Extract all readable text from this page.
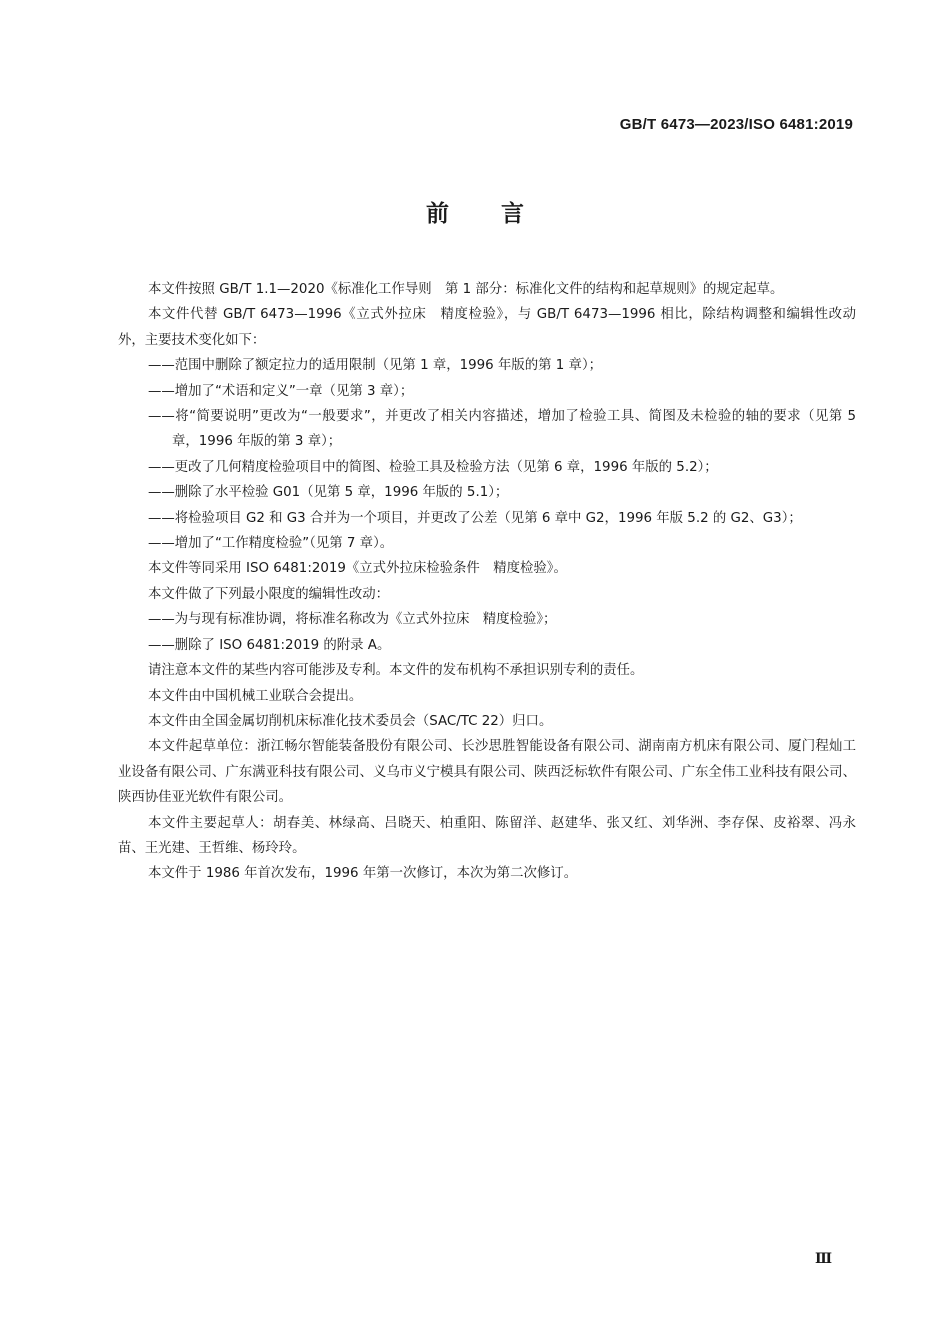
GB/T 6473—2023/ISO 6481:2019
前言

本文件按照 GB/T 1.1—2020《标准化工作导则　第 1 部分：标准化文件的结构和起草规则》的规定起草。

本文件代替 GB/T 6473—1996《立式外拉床　精度检验》，与 GB/T 6473—1996 相比，除结构调整和编辑性改动外，主要技术变化如下：

——范围中删除了额定拉力的适用限制（见第 1 章，1996 年版的第 1 章）；

——增加了“术语和定义”一章（见第 3 章）；

——将“简要说明”更改为“一般要求”，并更改了相关内容描述，增加了检验工具、简图及未检验的轴的要求（见第 5 章，1996 年版的第 3 章）；

——更改了几何精度检验项目中的简图、检验工具及检验方法（见第 6 章，1996 年版的 5.2）；

——删除了水平检验 G01（见第 5 章，1996 年版的 5.1）；

——将检验项目 G2 和 G3 合并为一个项目，并更改了公差（见第 6 章中 G2，1996 年版 5.2 的 G2、G3）；

——增加了“工作精度检验”（见第 7 章）。

本文件等同采用 ISO 6481:2019《立式外拉床检验条件　精度检验》。

本文件做了下列最小限度的编辑性改动：

——为与现有标准协调，将标准名称改为《立式外拉床　精度检验》；

——删除了 ISO 6481:2019 的附录 A。

请注意本文件的某些内容可能涉及专利。本文件的发布机构不承担识别专利的责任。

本文件由中国机械工业联合会提出。

本文件由全国金属切削机床标准化技术委员会（SAC/TC 22）归口。

本文件起草单位：浙江畅尔智能装备股份有限公司、长沙思胜智能设备有限公司、湖南南方机床有限公司、厦门程灿工业设备有限公司、广东满亚科技有限公司、义乌市义宁模具有限公司、陕西泛标软件有限公司、广东全伟工业科技有限公司、陕西协佳亚光软件有限公司。

本文件主要起草人：胡春美、林绿高、吕晓天、柏重阳、陈留洋、赵建华、张又红、刘华洲、李存保、皮裕翠、冯永苗、王光建、王哲维、杨玲玲。

本文件于 1986 年首次发布，1996 年第一次修订，本次为第二次修订。

Ⅲ
